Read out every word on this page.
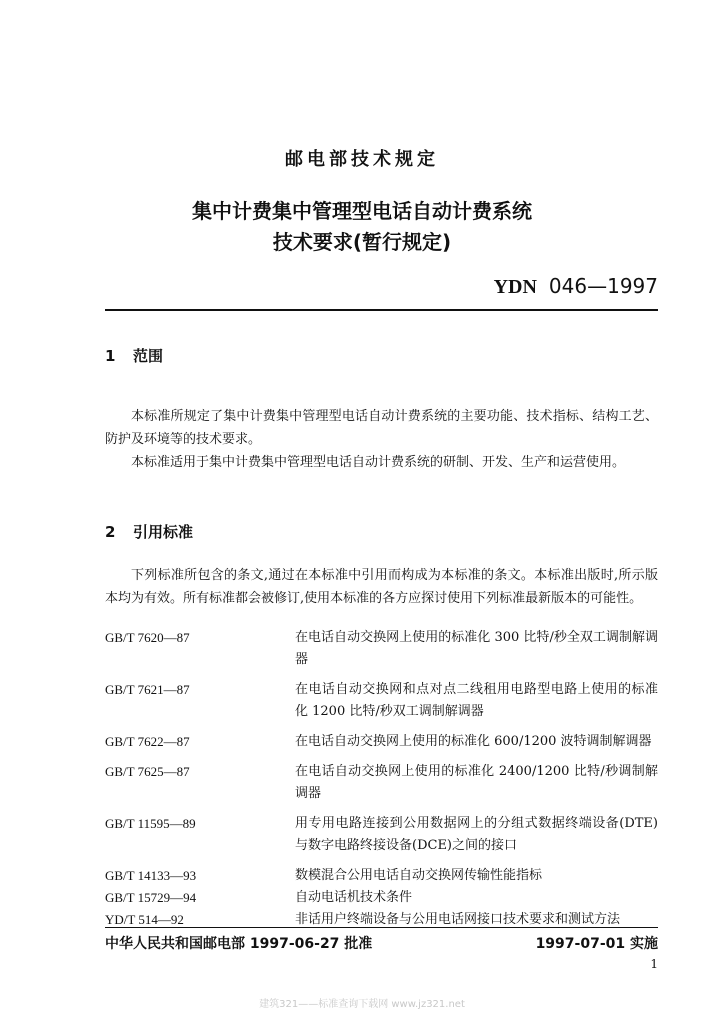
邮电部技术规定
集中计费集中管理型电话自动计费系统
技术要求(暂行规定)
YDN 046—1997
1 范围

本标准所规定了集中计费集中管理型电话自动计费系统的主要功能、技术指标、结构工艺、防护及环境等的技术要求。

本标准适用于集中计费集中管理型电话自动计费系统的研制、开发、生产和运营使用。

2 引用标准

下列标准所包含的条文,通过在本标准中引用而构成为本标准的条文。本标准出版时,所示版本均为有效。所有标准都会被修订,使用本标准的各方应探讨使用下列标准最新版本的可能性。

GB/T 7620—87	在电话自动交换网上使用的标准化 300 比特/秒全双工调制解调器
GB/T 7621—87	在电话自动交换网和点对点二线租用电路型电路上使用的标准化 1200 比特/秒双工调制解调器
GB/T 7622—87	在电话自动交换网上使用的标准化 600/1200 波特调制解调器
GB/T 7625—87	在电话自动交换网上使用的标准化 2400/1200 比特/秒调制解调器
GB/T 11595—89	用专用电路连接到公用数据网上的分组式数据终端设备(DTE)与数字电路终接设备(DCE)之间的接口
GB/T 14133—93	数模混合公用电话自动交换网传输性能指标
GB/T 15729—94	自动电话机技术条件
YD/T 514—92	非话用户终端设备与公用电话网接口技术要求和测试方法
中华人民共和国邮电部 1997-06-27 批准	1997-07-01 实施
1
建筑321——标准查询下载网 www.jz321.net
